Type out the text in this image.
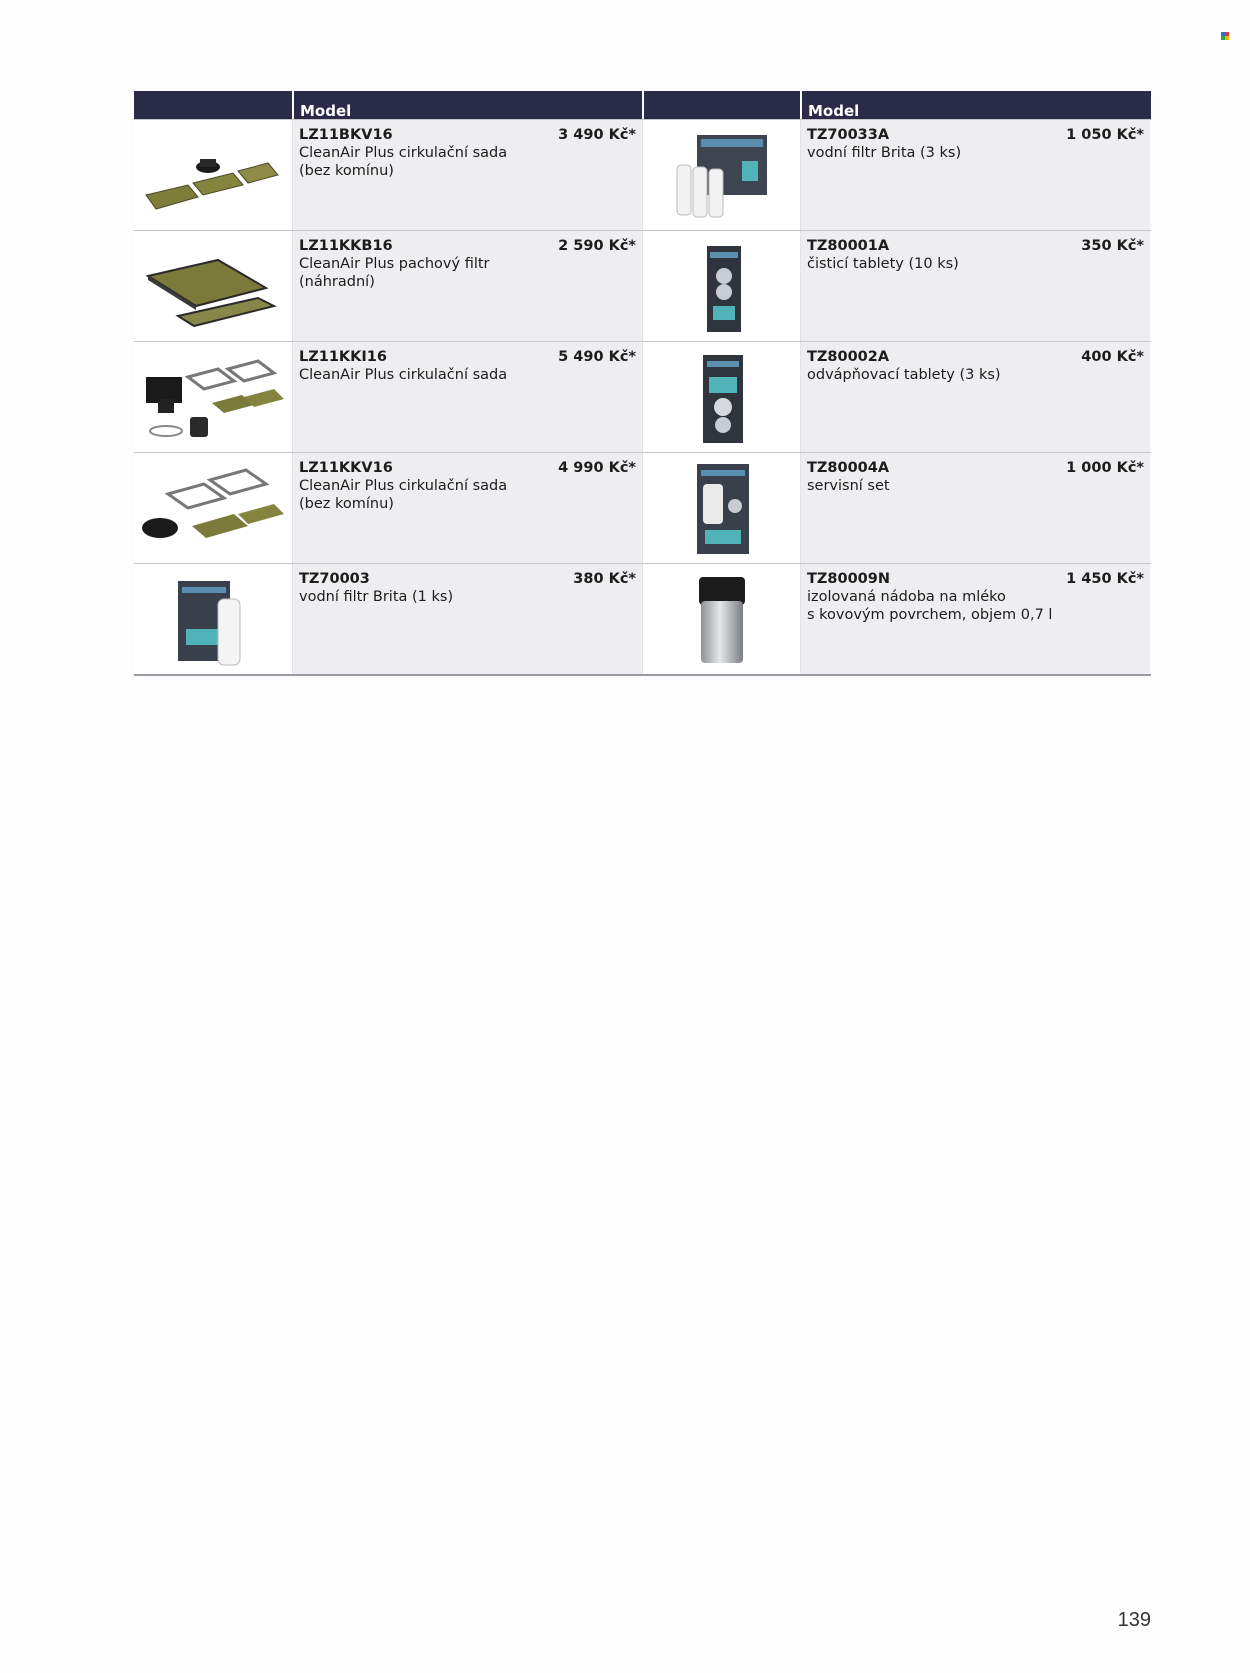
Model	Model
LZ11BKV16	3 490 Kč*
CleanAir Plus cirkulační sada
(bez komínu)
TZ70033A	1 050 Kč*
vodní filtr Brita (3 ks)
LZ11KKB16	2 590 Kč*
CleanAir Plus pachový filtr
(náhradní)
TZ80001A	350 Kč*
čisticí tablety (10 ks)
LZ11KKI16	5 490 Kč*
CleanAir Plus cirkulační sada
TZ80002A	400 Kč*
odvápňovací tablety (3 ks)
LZ11KKV16	4 990 Kč*
CleanAir Plus cirkulační sada
(bez komínu)
TZ80004A	1 000 Kč*
servisní set
TZ70003	380 Kč*
vodní filtr Brita (1 ks)
TZ80009N	1 450 Kč*
izolovaná nádoba na mléko
s kovovým povrchem, objem 0,7 l
139
